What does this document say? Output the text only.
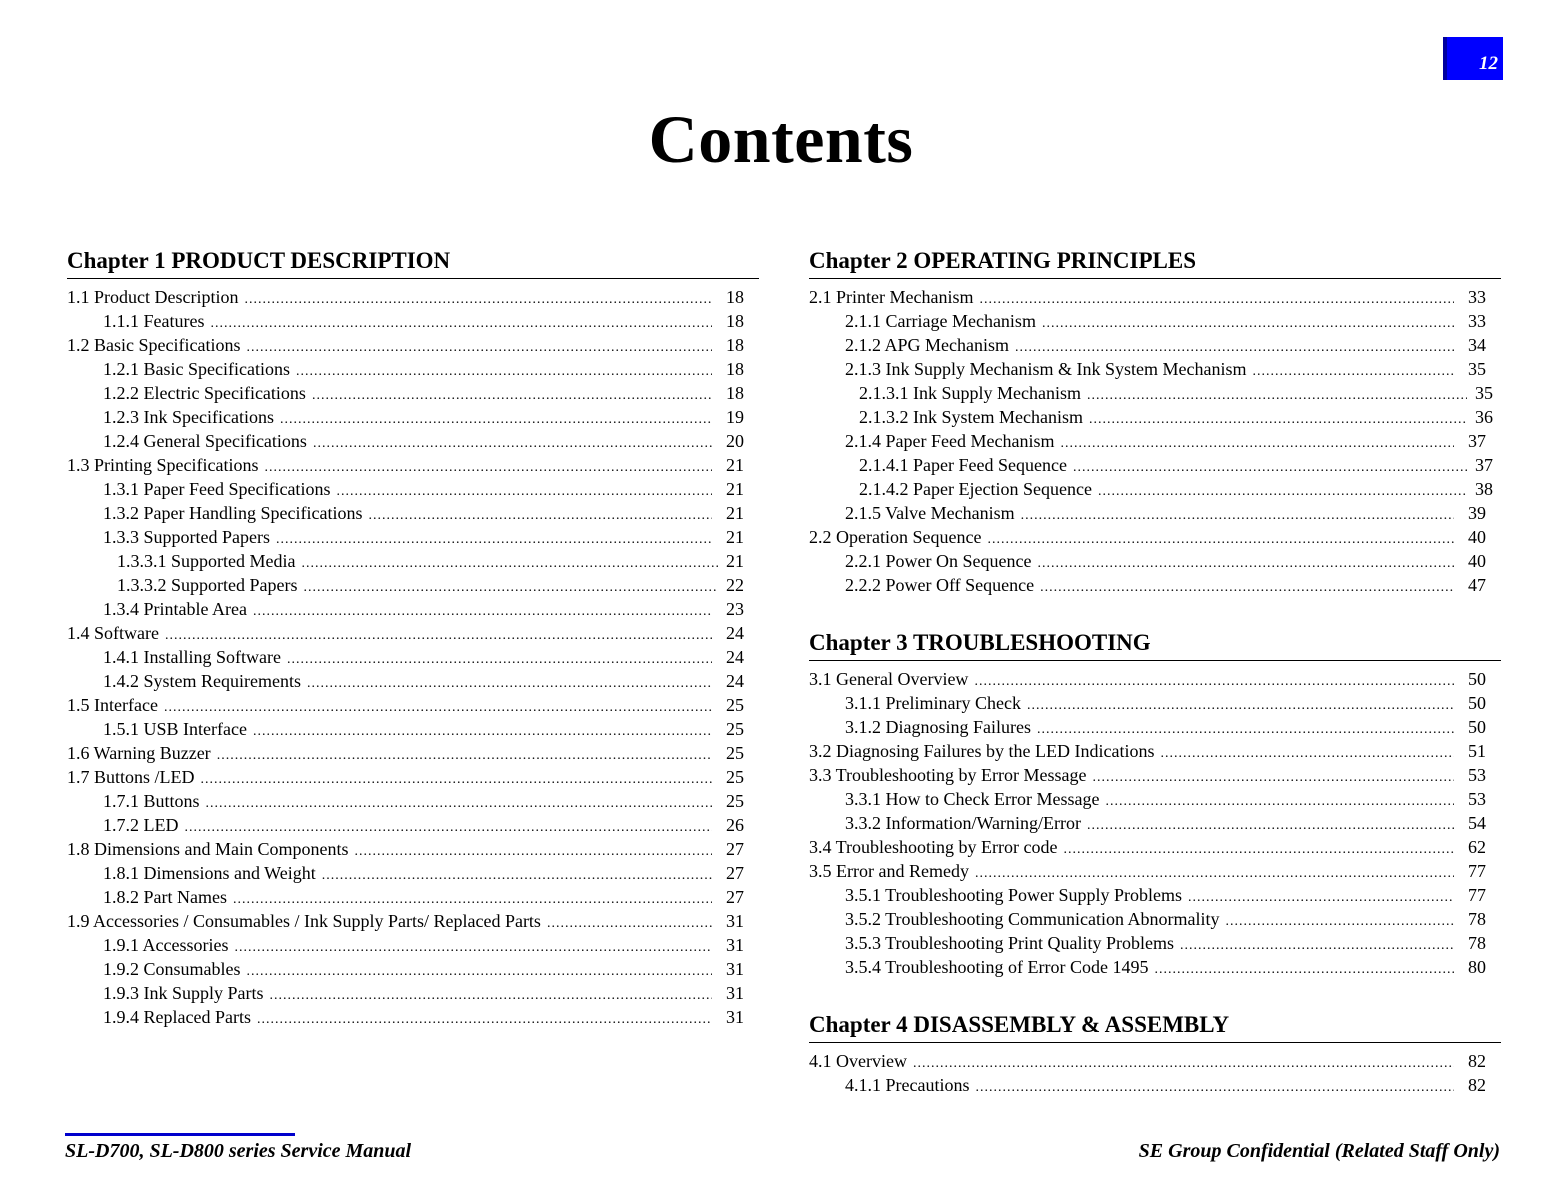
12
Contents
Chapter 1 PRODUCT DESCRIPTION
1.1 Product Description .....	18
1.1.1 Features .....	18
1.2 Basic Specifications .....	18
1.2.1 Basic Specifications .....	18
1.2.2 Electric Specifications .....	18
1.2.3 Ink Specifications .....	19
1.2.4 General Specifications .....	20
1.3 Printing Specifications .....	21
1.3.1 Paper Feed Specifications .....	21
1.3.2 Paper Handling Specifications .....	21
1.3.3 Supported Papers .....	21
1.3.3.1 Supported Media .....	21
1.3.3.2 Supported Papers .....	22
1.3.4 Printable Area .....	23
1.4 Software .....	24
1.4.1 Installing Software .....	24
1.4.2 System Requirements .....	24
1.5 Interface .....	25
1.5.1 USB Interface .....	25
1.6 Warning Buzzer .....	25
1.7 Buttons /LED .....	25
1.7.1 Buttons .....	25
1.7.2 LED .....	26
1.8 Dimensions and Main Components .....	27
1.8.1 Dimensions and Weight .....	27
1.8.2 Part Names .....	27
1.9 Accessories / Consumables / Ink Supply Parts/ Replaced Parts .....	31
1.9.1 Accessories .....	31
1.9.2 Consumables .....	31
1.9.3 Ink Supply Parts .....	31
1.9.4 Replaced Parts .....	31
Chapter 2 OPERATING PRINCIPLES
2.1 Printer Mechanism .....	33
2.1.1 Carriage Mechanism .....	33
2.1.2 APG Mechanism .....	34
2.1.3 Ink Supply Mechanism & Ink System Mechanism .....	35
2.1.3.1 Ink Supply Mechanism .....	35
2.1.3.2 Ink System Mechanism .....	36
2.1.4 Paper Feed Mechanism .....	37
2.1.4.1 Paper Feed Sequence .....	37
2.1.4.2 Paper Ejection Sequence .....	38
2.1.5 Valve Mechanism .....	39
2.2 Operation Sequence .....	40
2.2.1 Power On Sequence .....	40
2.2.2 Power Off Sequence .....	47
Chapter 3 TROUBLESHOOTING
3.1 General Overview .....	50
3.1.1 Preliminary Check .....	50
3.1.2 Diagnosing Failures .....	50
3.2 Diagnosing Failures by the LED Indications .....	51
3.3 Troubleshooting by Error Message .....	53
3.3.1 How to Check Error Message .....	53
3.3.2 Information/Warning/Error .....	54
3.4 Troubleshooting by Error code .....	62
3.5 Error and Remedy .....	77
3.5.1 Troubleshooting Power Supply Problems .....	77
3.5.2 Troubleshooting Communication Abnormality .....	78
3.5.3 Troubleshooting Print Quality Problems .....	78
3.5.4 Troubleshooting of Error Code 1495 .....	80
Chapter 4 DISASSEMBLY & ASSEMBLY
4.1 Overview .....	82
4.1.1 Precautions .....	82
SL-D700, SL-D800 series Service Manual	SE Group Confidential (Related Staff Only)
